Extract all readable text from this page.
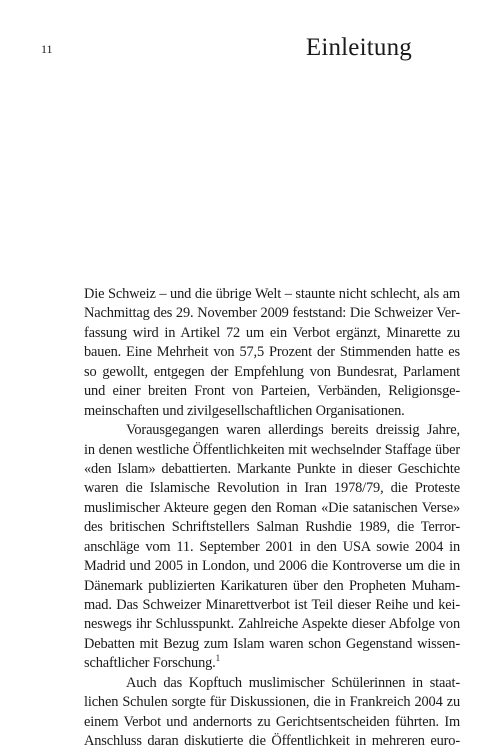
11	Einleitung
Die Schweiz – und die übrige Welt – staunte nicht schlecht, als am
Nachmittag des 29. November 2009 feststand: Die Schweizer Ver-
fassung wird in Artikel 72 um ein Verbot ergänzt, Minarette zu
bauen. Eine Mehrheit von 57,5 Prozent der Stimmenden hatte es
so gewollt, entgegen der Empfehlung von Bundesrat, Parlament
und einer breiten Front von Parteien, Verbänden, Religionsge-
meinschaften und zivilgesellschaftlichen Organisationen.
Vorausgegangen waren allerdings bereits dreissig Jahre,
in denen westliche Öffentlichkeiten mit wechselnder Staffage über
«den Islam» debattierten. Markante Punkte in dieser Geschichte
waren die Islamische Revolution in Iran 1978/79, die Proteste
muslimischer Akteure gegen den Roman «Die satanischen Verse»
des britischen Schriftstellers Salman Rushdie 1989, die Terror-
anschläge vom 11. September 2001 in den USA sowie 2004 in
Madrid und 2005 in London, und 2006 die Kontroverse um die in
Dänemark publizierten Karikaturen über den Propheten Muham-
mad. Das Schweizer Minarettverbot ist Teil dieser Reihe und kei-
neswegs ihr Schlusspunkt. Zahlreiche Aspekte dieser Abfolge von
Debatten mit Bezug zum Islam waren schon Gegenstand wissen-
schaftlicher Forschung.$^1$
Auch das Kopftuch muslimischer Schülerinnen in staat-
lichen Schulen sorgte für Diskussionen, die in Frankreich 2004 zu
einem Verbot und andernorts zu Gerichtsentscheiden führten. Im
Anschluss daran diskutierte die Öffentlichkeit in mehreren euro-
